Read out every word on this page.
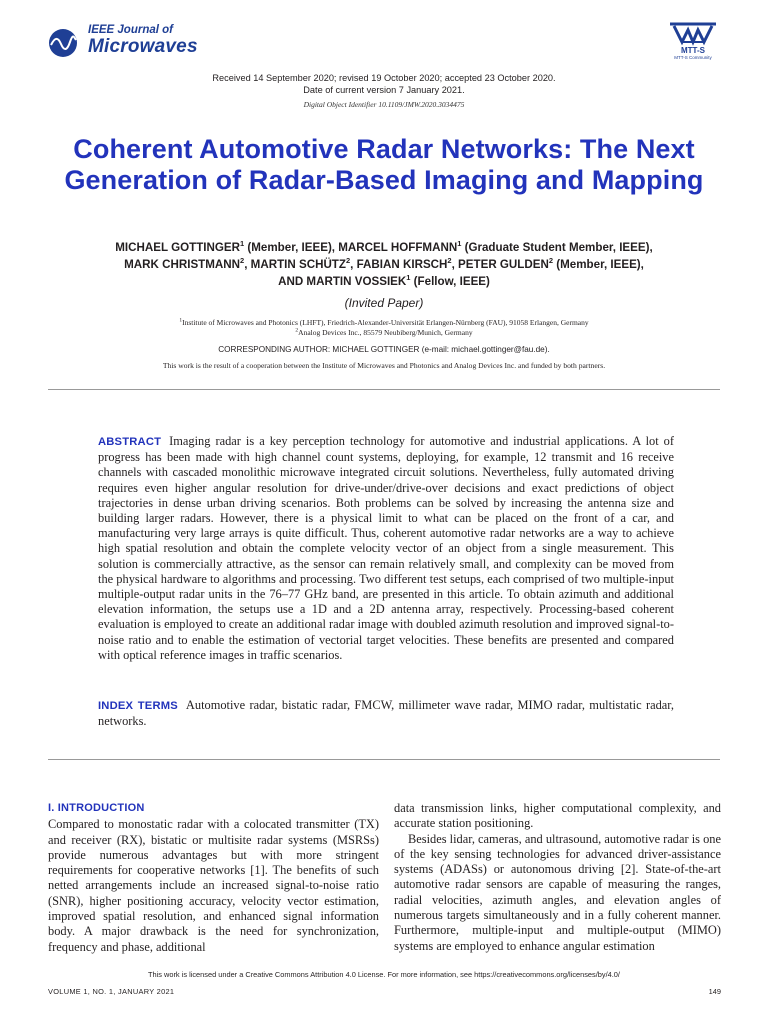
IEEE Journal of
Microwaves	MTT-S
MTT-S Community
Received 14 September 2020; revised 19 October 2020; accepted 23 October 2020.
Date of current version 7 January 2021.
Digital Object Identifier 10.1109/JMW.2020.3034475
Coherent Automotive Radar Networks: The Next Generation of Radar-Based Imaging and Mapping
MICHAEL GOTTINGER$^1$ (Member, IEEE), MARCEL HOFFMANN$^1$ (Graduate Student Member, IEEE),
MARK CHRISTMANN$^2$, MARTIN SCHÜTZ$^2$, FABIAN KIRSCH$^2$, PETER GULDEN$^2$ (Member, IEEE),
AND MARTIN VOSSIEK$^1$ (Fellow, IEEE)
(Invited Paper)
$^1$Institute of Microwaves and Photonics (LHFT), Friedrich-Alexander-Universität Erlangen-Nürnberg (FAU), 91058 Erlangen, Germany
$^2$Analog Devices Inc., 85579 Neubiberg/Munich, Germany
CORRESPONDING AUTHOR: MICHAEL GOTTINGER (e-mail: michael.gottinger@fau.de).
This work is the result of a cooperation between the Institute of Microwaves and Photonics and Analog Devices Inc. and funded by both partners.
ABSTRACT Imaging radar is a key perception technology for automotive and industrial applications. A lot of progress has been made with high channel count systems, deploying, for example, 12 transmit and 16 receive channels with cascaded monolithic microwave integrated circuit solutions. Nevertheless, fully automated driving requires even higher angular resolution for drive-under/drive-over decisions and exact predictions of object trajectories in dense urban driving scenarios. Both problems can be solved by increasing the antenna size and building larger radars. However, there is a physical limit to what can be placed on the front of a car, and manufacturing very large arrays is quite difficult. Thus, coherent automotive radar networks are a way to achieve high spatial resolution and obtain the complete velocity vector of an object from a single measurement. This solution is commercially attractive, as the sensor can remain relatively small, and complexity can be moved from the physical hardware to algorithms and processing. Two different test setups, each comprised of two multiple-input multiple-output radar units in the 76–77 GHz band, are presented in this article. To obtain azimuth and additional elevation information, the setups use a 1D and a 2D antenna array, respectively. Processing-based coherent evaluation is employed to create an additional radar image with doubled azimuth resolution and improved signal-to-noise ratio and to enable the estimation of vectorial target velocities. These benefits are presented and compared with optical reference images in traffic scenarios.
INDEX TERMS Automotive radar, bistatic radar, FMCW, millimeter wave radar, MIMO radar, multistatic radar, networks.
I. INTRODUCTION
Compared to monostatic radar with a colocated transmitter (TX) and receiver (RX), bistatic or multisite radar systems (MSRSs) provide numerous advantages but with more stringent requirements for cooperative networks [1]. The benefits of such netted arrangements include an increased signal-to-noise ratio (SNR), higher positioning accuracy, velocity vector estimation, improved spatial resolution, and enhanced signal information body. A major drawback is the need for synchronization, frequency and phase, additional
data transmission links, higher computational complexity, and accurate station positioning.
Besides lidar, cameras, and ultrasound, automotive radar is one of the key sensing technologies for advanced driver-assistance systems (ADASs) or autonomous driving [2]. State-of-the-art automotive radar sensors are capable of measuring the ranges, radial velocities, azimuth angles, and elevation angles of numerous targets simultaneously and in a fully coherent manner. Furthermore, multiple-input and multiple-output (MIMO) systems are employed to enhance angular estimation
This work is licensed under a Creative Commons Attribution 4.0 License. For more information, see https://creativecommons.org/licenses/by/4.0/
VOLUME 1, NO. 1, JANUARY 2021	149
